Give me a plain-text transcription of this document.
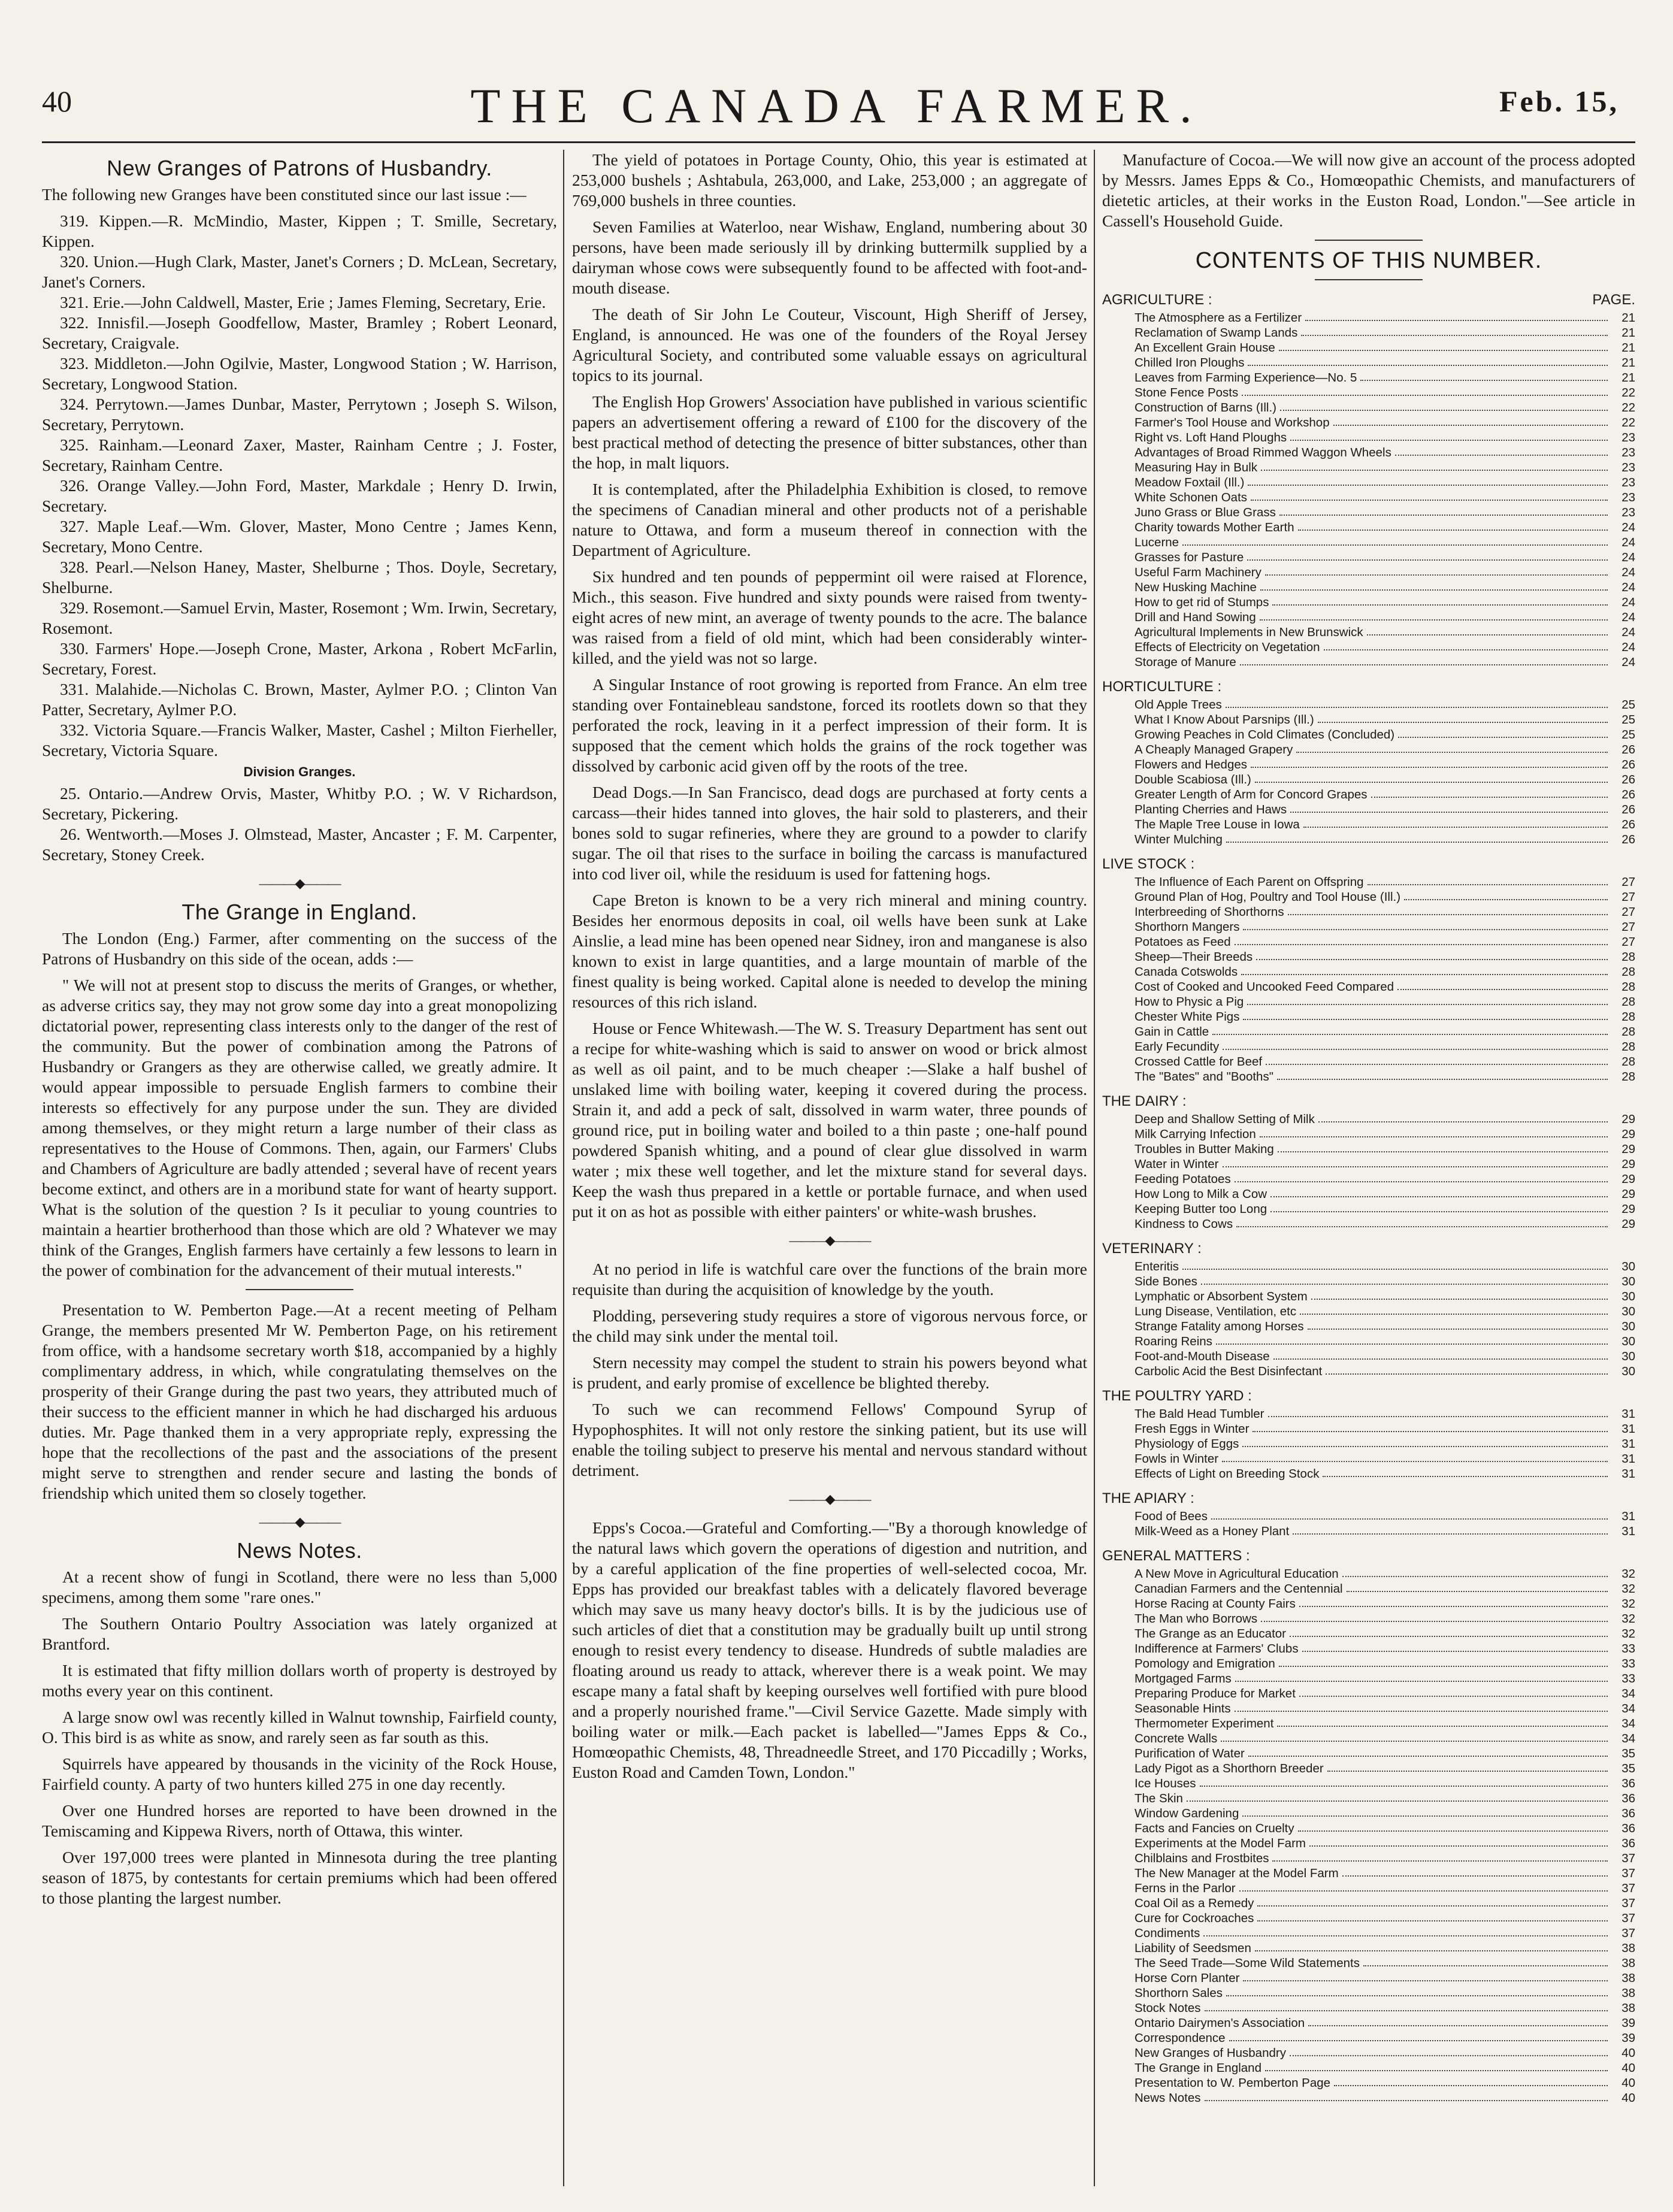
40	THE CANADA FARMER.	Feb. 15,
New Granges of Patrons of Husbandry.

The following new Granges have been constituted since our last issue :—

319. Kippen.—R. McMindio, Master, Kippen ; T. Smille, Secretary, Kippen.

320. Union.—Hugh Clark, Master, Janet's Corners ; D. McLean, Secretary, Janet's Corners.

321. Erie.—John Caldwell, Master, Erie ; James Fleming, Secretary, Erie.

322. Innisfil.—Joseph Goodfellow, Master, Bramley ; Robert Leonard, Secretary, Craigvale.

323. Middleton.—John Ogilvie, Master, Longwood Station ; W. Harrison, Secretary, Longwood Station.

324. Perrytown.—James Dunbar, Master, Perrytown ; Joseph S. Wilson, Secretary, Perrytown.

325. Rainham.—Leonard Zaxer, Master, Rainham Centre ; J. Foster, Secretary, Rainham Centre.

326. Orange Valley.—John Ford, Master, Markdale ; Henry D. Irwin, Secretary.

327. Maple Leaf.—Wm. Glover, Master, Mono Centre ; James Kenn, Secretary, Mono Centre.

328. Pearl.—Nelson Haney, Master, Shelburne ; Thos. Doyle, Secretary, Shelburne.

329. Rosemont.—Samuel Ervin, Master, Rosemont ; Wm. Irwin, Secretary, Rosemont.

330. Farmers' Hope.—Joseph Crone, Master, Arkona , Robert McFarlin, Secretary, Forest.

331. Malahide.—Nicholas C. Brown, Master, Aylmer P.O. ; Clinton Van Patter, Secretary, Aylmer P.O.

332. Victoria Square.—Francis Walker, Master, Cashel ; Milton Fierheller, Secretary, Victoria Square.

Division Granges.

25. Ontario.—Andrew Orvis, Master, Whitby P.O. ; W. V Richardson, Secretary, Pickering.

26. Wentworth.—Moses J. Olmstead, Master, Ancaster ; F. M. Carpenter, Secretary, Stoney Creek.

———◆———
The Grange in England.

The London (Eng.) Farmer, after commenting on the success of the Patrons of Husbandry on this side of the ocean, adds :—

" We will not at present stop to discuss the merits of Granges, or whether, as adverse critics say, they may not grow some day into a great monopolizing dictatorial power, representing class interests only to the danger of the rest of the community. But the power of combination among the Patrons of Husbandry or Grangers as they are otherwise called, we greatly admire. It would appear impossible to persuade English farmers to combine their interests so effectively for any purpose under the sun. They are divided among themselves, or they might return a large number of their class as representatives to the House of Commons. Then, again, our Farmers' Clubs and Chambers of Agriculture are badly attended ; several have of recent years become extinct, and others are in a moribund state for want of hearty support. What is the solution of the question ? Is it peculiar to young countries to maintain a heartier brotherhood than those which are old ? Whatever we may think of the Granges, English farmers have certainly a few lessons to learn in the power of combination for the advancement of their mutual interests."

Presentation to W. Pemberton Page.—At a recent meeting of Pelham Grange, the members presented Mr W. Pemberton Page, on his retirement from office, with a handsome secretary worth $18, accompanied by a highly complimentary address, in which, while congratulating themselves on the prosperity of their Grange during the past two years, they attributed much of their success to the efficient manner in which he had discharged his arduous duties. Mr. Page thanked them in a very appropriate reply, expressing the hope that the recollections of the past and the associations of the present might serve to strengthen and render secure and lasting the bonds of friendship which united them so closely together.

———◆———
News Notes.

At a recent show of fungi in Scotland, there were no less than 5,000 specimens, among them some "rare ones."

The Southern Ontario Poultry Association was lately organized at Brantford.

It is estimated that fifty million dollars worth of property is destroyed by moths every year on this continent.

A large snow owl was recently killed in Walnut township, Fairfield county, O. This bird is as white as snow, and rarely seen as far south as this.

Squirrels have appeared by thousands in the vicinity of the Rock House, Fairfield county. A party of two hunters killed 275 in one day recently.

Over one Hundred horses are reported to have been drowned in the Temiscaming and Kippewa Rivers, north of Ottawa, this winter.

Over 197,000 trees were planted in Minnesota during the tree planting season of 1875, by contestants for certain premiums which had been offered to those planting the largest number.

The yield of potatoes in Portage County, Ohio, this year is estimated at 253,000 bushels ; Ashtabula, 263,000, and Lake, 253,000 ; an aggregate of 769,000 bushels in three counties.

Seven Families at Waterloo, near Wishaw, England, numbering about 30 persons, have been made seriously ill by drinking buttermilk supplied by a dairyman whose cows were subsequently found to be affected with foot-and-mouth disease.

The death of Sir John Le Couteur, Viscount, High Sheriff of Jersey, England, is announced. He was one of the founders of the Royal Jersey Agricultural Society, and contributed some valuable essays on agricultural topics to its journal.

The English Hop Growers' Association have published in various scientific papers an advertisement offering a reward of £100 for the discovery of the best practical method of detecting the presence of bitter substances, other than the hop, in malt liquors.

It is contemplated, after the Philadelphia Exhibition is closed, to remove the specimens of Canadian mineral and other products not of a perishable nature to Ottawa, and form a museum thereof in connection with the Department of Agriculture.

Six hundred and ten pounds of peppermint oil were raised at Florence, Mich., this season. Five hundred and sixty pounds were raised from twenty-eight acres of new mint, an average of twenty pounds to the acre. The balance was raised from a field of old mint, which had been considerably winter-killed, and the yield was not so large.

A Singular Instance of root growing is reported from France. An elm tree standing over Fontainebleau sandstone, forced its rootlets down so that they perforated the rock, leaving in it a perfect impression of their form. It is supposed that the cement which holds the grains of the rock together was dissolved by carbonic acid given off by the roots of the tree.

Dead Dogs.—In San Francisco, dead dogs are purchased at forty cents a carcass—their hides tanned into gloves, the hair sold to plasterers, and their bones sold to sugar refineries, where they are ground to a powder to clarify sugar. The oil that rises to the surface in boiling the carcass is manufactured into cod liver oil, while the residuum is used for fattening hogs.

Cape Breton is known to be a very rich mineral and mining country. Besides her enormous deposits in coal, oil wells have been sunk at Lake Ainslie, a lead mine has been opened near Sidney, iron and manganese is also known to exist in large quantities, and a large mountain of marble of the finest quality is being worked. Capital alone is needed to develop the mining resources of this rich island.

House or Fence Whitewash.—The W. S. Treasury Department has sent out a recipe for white-washing which is said to answer on wood or brick almost as well as oil paint, and to be much cheaper :—Slake a half bushel of unslaked lime with boiling water, keeping it covered during the process. Strain it, and add a peck of salt, dissolved in warm water, three pounds of ground rice, put in boiling water and boiled to a thin paste ; one-half pound powdered Spanish whiting, and a pound of clear glue dissolved in warm water ; mix these well together, and let the mixture stand for several days. Keep the wash thus prepared in a kettle or portable furnace, and when used put it on as hot as possible with either painters' or white-wash brushes.

———◆———

At no period in life is watchful care over the functions of the brain more requisite than during the acquisition of knowledge by the youth.

Plodding, persevering study requires a store of vigorous nervous force, or the child may sink under the mental toil.

Stern necessity may compel the student to strain his powers beyond what is prudent, and early promise of excellence be blighted thereby.

To such we can recommend Fellows' Compound Syrup of Hypophosphites. It will not only restore the sinking patient, but its use will enable the toiling subject to preserve his mental and nervous standard without detriment.

———◆———

Epps's Cocoa.—Grateful and Comforting.—"By a thorough knowledge of the natural laws which govern the operations of digestion and nutrition, and by a careful application of the fine properties of well-selected cocoa, Mr. Epps has provided our breakfast tables with a delicately flavored beverage which may save us many heavy doctor's bills. It is by the judicious use of such articles of diet that a constitution may be gradually built up until strong enough to resist every tendency to disease. Hundreds of subtle maladies are floating around us ready to attack, wherever there is a weak point. We may escape many a fatal shaft by keeping ourselves well fortified with pure blood and a properly nourished frame."—Civil Service Gazette. Made simply with boiling water or milk.—Each packet is labelled—"James Epps & Co., Homœopathic Chemists, 48, Threadneedle Street, and 170 Piccadilly ; Works, Euston Road and Camden Town, London."

Manufacture of Cocoa.—We will now give an account of the process adopted by Messrs. James Epps & Co., Homœopathic Chemists, and manufacturers of dietetic articles, at their works in the Euston Road, London."—See article in Cassell's Household Guide.

CONTENTS OF THIS NUMBER.
AGRICULTURE :	PAGE.
The Atmosphere as a Fertilizer	21
Reclamation of Swamp Lands	21
An Excellent Grain House	21
Chilled Iron Ploughs	21
Leaves from Farming Experience—No. 5	21
Stone Fence Posts	22
Construction of Barns (Ill.)	22
Farmer's Tool House and Workshop	22
Right vs. Loft Hand Ploughs	23
Advantages of Broad Rimmed Waggon Wheels	23
Measuring Hay in Bulk	23
Meadow Foxtail (Ill.)	23
White Schonen Oats	23
Juno Grass or Blue Grass	23
Charity towards Mother Earth	24
Lucerne	24
Grasses for Pasture	24
Useful Farm Machinery	24
New Husking Machine	24
How to get rid of Stumps	24
Drill and Hand Sowing	24
Agricultural Implements in New Brunswick	24
Effects of Electricity on Vegetation	24
Storage of Manure	24
HORTICULTURE :
Old Apple Trees	25
What I Know About Parsnips (Ill.)	25
Growing Peaches in Cold Climates (Concluded)	25
A Cheaply Managed Grapery	26
Flowers and Hedges	26
Double Scabiosa (Ill.)	26
Greater Length of Arm for Concord Grapes	26
Planting Cherries and Haws	26
The Maple Tree Louse in Iowa	26
Winter Mulching	26
LIVE STOCK :
The Influence of Each Parent on Offspring	27
Ground Plan of Hog, Poultry and Tool House (Ill.)	27
Interbreeding of Shorthorns	27
Shorthorn Mangers	27
Potatoes as Feed	27
Sheep—Their Breeds	28
Canada Cotswolds	28
Cost of Cooked and Uncooked Feed Compared	28
How to Physic a Pig	28
Chester White Pigs	28
Gain in Cattle	28
Early Fecundity	28
Crossed Cattle for Beef	28
The "Bates" and "Booths"	28
THE DAIRY :
Deep and Shallow Setting of Milk	29
Milk Carrying Infection	29
Troubles in Butter Making	29
Water in Winter	29
Feeding Potatoes	29
How Long to Milk a Cow	29
Keeping Butter too Long	29
Kindness to Cows	29
VETERINARY :
Enteritis	30
Side Bones	30
Lymphatic or Absorbent System	30
Lung Disease, Ventilation, etc	30
Strange Fatality among Horses	30
Roaring Reins	30
Foot-and-Mouth Disease	30
Carbolic Acid the Best Disinfectant	30
THE POULTRY YARD :
The Bald Head Tumbler	31
Fresh Eggs in Winter	31
Physiology of Eggs	31
Fowls in Winter	31
Effects of Light on Breeding Stock	31
THE APIARY :
Food of Bees	31
Milk-Weed as a Honey Plant	31
GENERAL MATTERS :
A New Move in Agricultural Education	32
Canadian Farmers and the Centennial	32
Horse Racing at County Fairs	32
The Man who Borrows	32
The Grange as an Educator	32
Indifference at Farmers' Clubs	33
Pomology and Emigration	33
Mortgaged Farms	33
Preparing Produce for Market	34
Seasonable Hints	34
Thermometer Experiment	34
Concrete Walls	34
Purification of Water	35
Lady Pigot as a Shorthorn Breeder	35
Ice Houses	36
The Skin	36
Window Gardening	36
Facts and Fancies on Cruelty	36
Experiments at the Model Farm	36
Chilblains and Frostbites	37
The New Manager at the Model Farm	37
Ferns in the Parlor	37
Coal Oil as a Remedy	37
Cure for Cockroaches	37
Condiments	37
Liability of Seedsmen	38
The Seed Trade—Some Wild Statements	38
Horse Corn Planter	38
Shorthorn Sales	38
Stock Notes	38
Ontario Dairymen's Association	39
Correspondence	39
New Granges of Husbandry	40
The Grange in England	40
Presentation to W. Pemberton Page	40
News Notes	40
